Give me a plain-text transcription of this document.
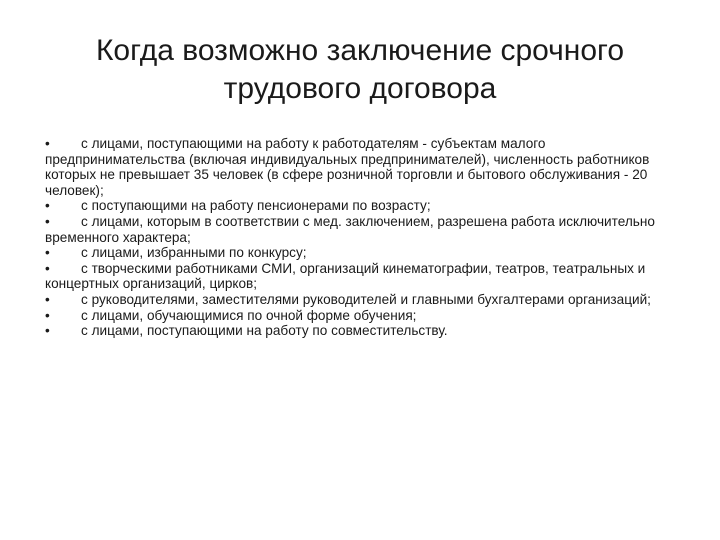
Когда возможно заключение срочного трудового договора
• с лицами, поступающими на работу к работодателям - субъектам малого предпринимательства (включая индивидуальных предпринимателей), численность работников которых не превышает 35 человек (в сфере розничной торговли и бытового обслуживания - 20 человек);
• с поступающими на работу пенсионерами по возрасту;
• с лицами, которым в соответствии с мед. заключением, разрешена работа исключительно временного характера;
• с лицами, избранными по конкурсу;
• с творческими работниками СМИ, организаций кинематографии, театров, театральных и концертных организаций, цирков;
• с руководителями, заместителями руководителей и главными бухгалтерами организаций;
• с лицами, обучающимися по очной форме обучения;
• с лицами, поступающими на работу по совместительству.
